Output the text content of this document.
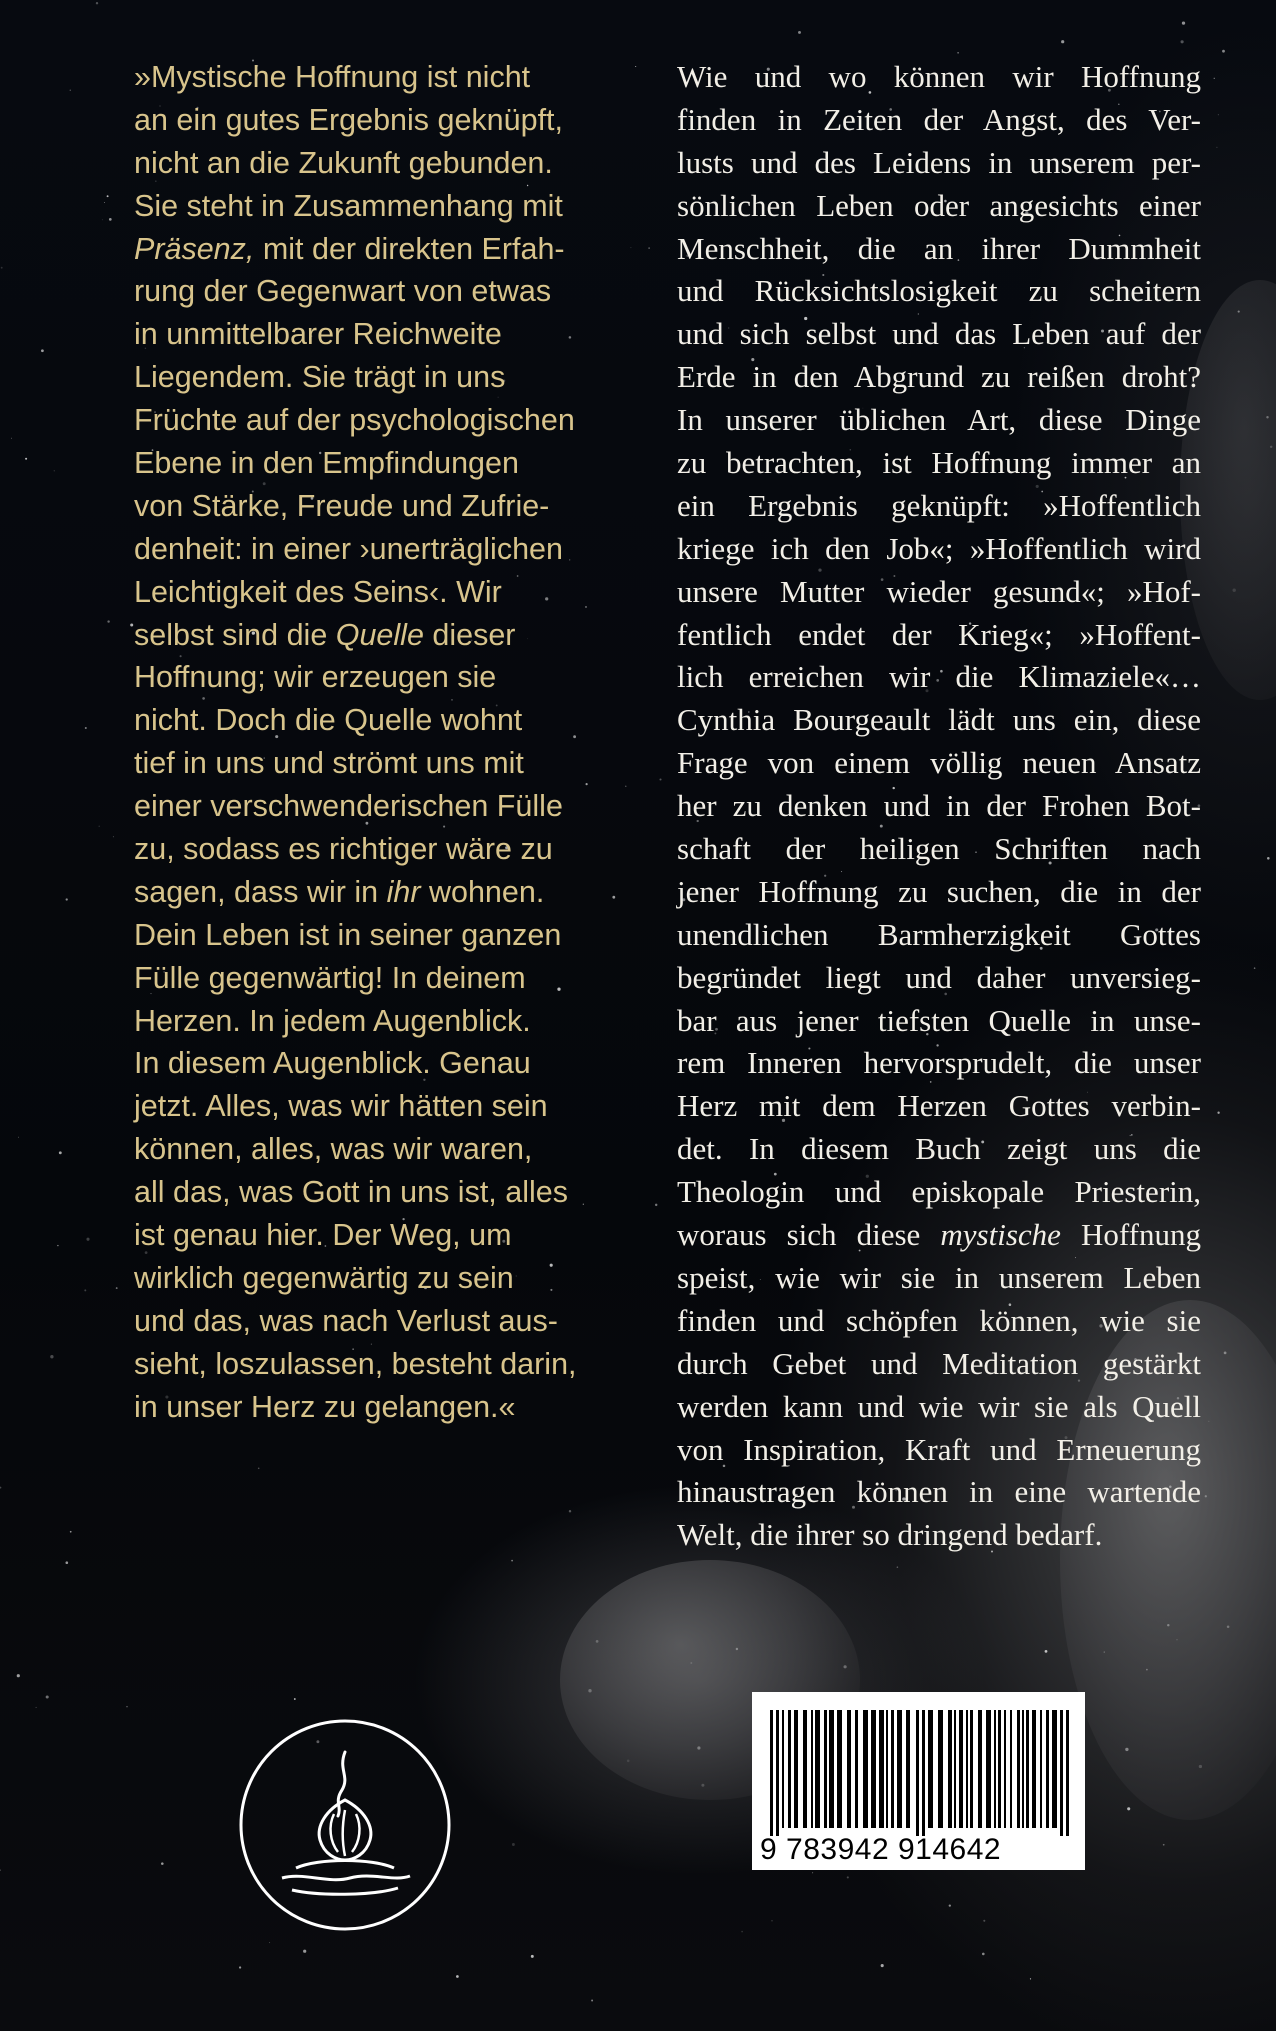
»Mystische Hoffnung ist nicht
an ein gutes Ergebnis geknüpft,
nicht an die Zukunft gebunden.
Sie steht in Zusammenhang mit
Präsenz, mit der direkten Erfah-
rung der Gegenwart von etwas
in unmittelbarer Reichweite
Liegendem. Sie trägt in uns
Früchte auf der psychologischen
Ebene in den Empfindungen
von Stärke, Freude und Zufrie-
denheit: in einer ›unerträglichen
Leichtigkeit des Seins‹. Wir
selbst sind die Quelle dieser
Hoffnung; wir erzeugen sie
nicht. Doch die Quelle wohnt
tief in uns und strömt uns mit
einer verschwenderischen Fülle
zu, sodass es richtiger wäre zu
sagen, dass wir in ihr wohnen.
Dein Leben ist in seiner ganzen
Fülle gegenwärtig! In deinem
Herzen. In jedem Augenblick.
In diesem Augenblick. Genau
jetzt. Alles, was wir hätten sein
können, alles, was wir waren,
all das, was Gott in uns ist, alles
ist genau hier. Der Weg, um
wirklich gegenwärtig zu sein
und das, was nach Verlust aus-
sieht, loszulassen, besteht darin,
in unser Herz zu gelangen.«
Wie und wo können wir Hoffnung
finden in Zeiten der Angst, des Ver-
lusts und des Leidens in unserem per-
sönlichen Leben oder angesichts einer
Menschheit, die an ihrer Dummheit
und Rücksichtslosigkeit zu scheitern
und sich selbst und das Leben auf der
Erde in den Abgrund zu reißen droht?
In unserer üblichen Art, diese Dinge
zu betrachten, ist Hoffnung immer an
ein Ergebnis geknüpft: »Hoffentlich
kriege ich den Job«; »Hoffentlich wird
unsere Mutter wieder gesund«; »Hof-
fentlich endet der Krieg«; »Hoffent-
lich erreichen wir die Klimaziele«…
Cynthia Bourgeault lädt uns ein, diese
Frage von einem völlig neuen Ansatz
her zu denken und in der Frohen Bot-
schaft der heiligen Schriften nach
jener Hoffnung zu suchen, die in der
unendlichen Barmherzigkeit Gottes
begründet liegt und daher unversieg-
bar aus jener tiefsten Quelle in unse-
rem Inneren hervorsprudelt, die unser
Herz mit dem Herzen Gottes verbin-
det. In diesem Buch zeigt uns die
Theologin und episkopale Priesterin,
woraus sich diese mystische Hoffnung
speist, wie wir sie in unserem Leben
finden und schöpfen können, wie sie
durch Gebet und Meditation gestärkt
werden kann und wie wir sie als Quell
von Inspiration, Kraft und Erneuerung
hinaustragen können in eine wartende
Welt, die ihrer so dringend bedarf.
9 783942 914642
